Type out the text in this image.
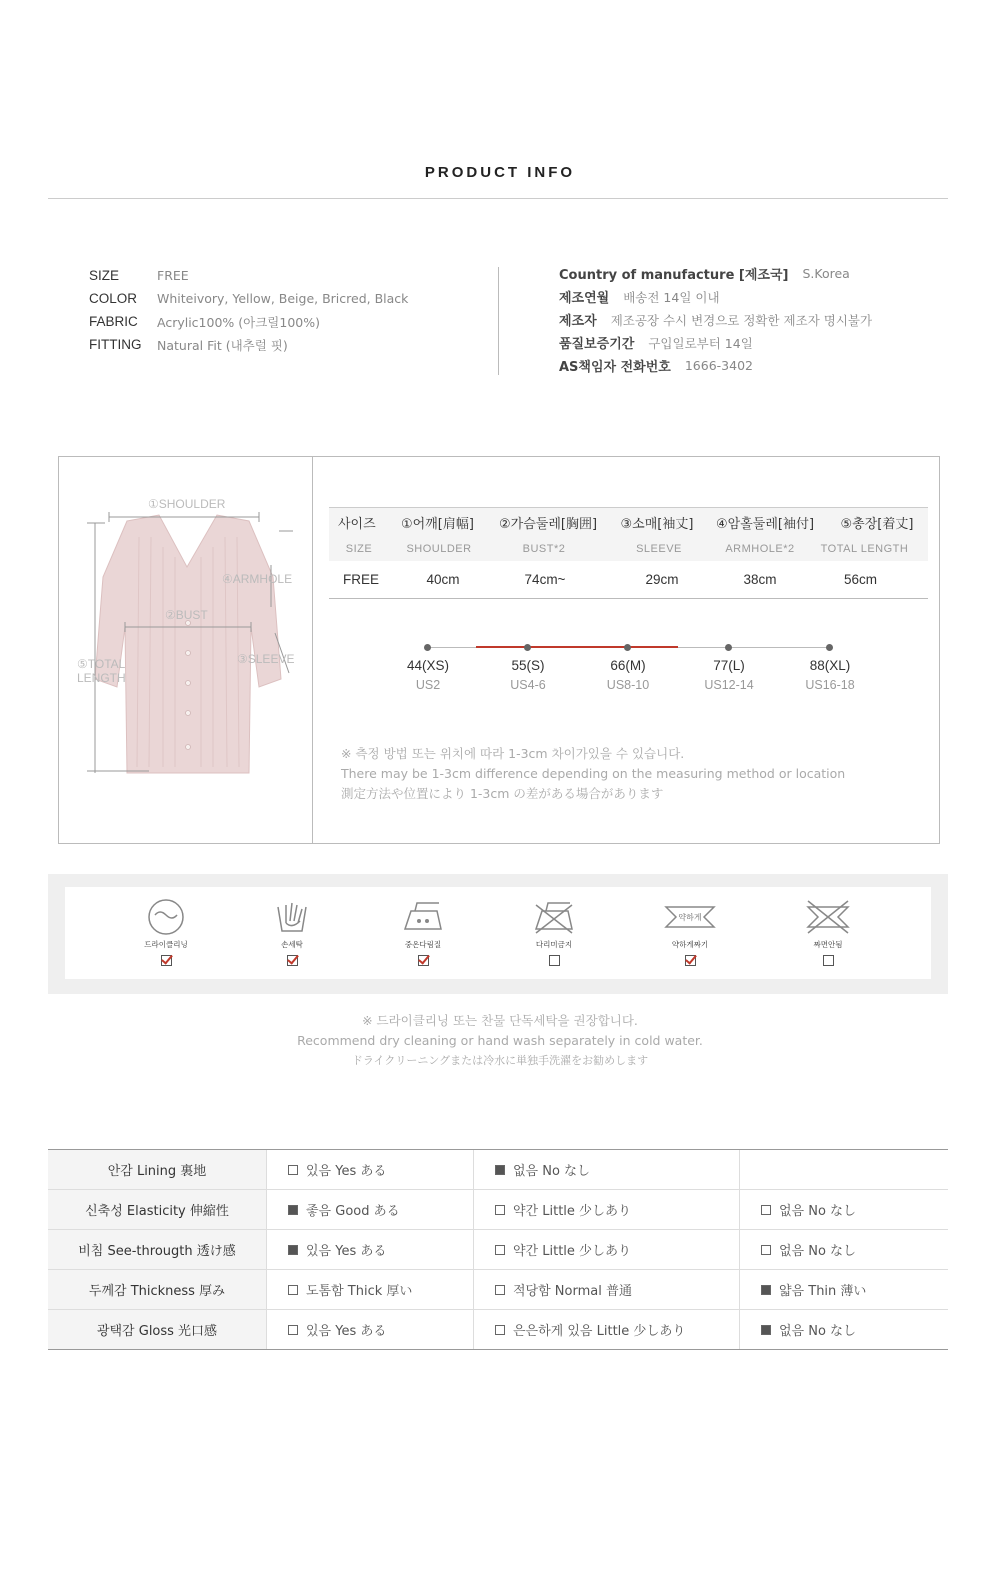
PRODUCT INFO
SIZE	FREE
COLOR	Whiteivory, Yellow, Beige, Bricred, Black
FABRIC	Acrylic100% (아크릴100%)
FITTING	Natural Fit (내추럴 핏)
Country of manufacture [제조국] S.Korea
제조연월 배송전 14일 이내
제조자 제조공장 수시 변경으로 정확한 제조자 명시불가
품질보증기간 구입일로부터 14일
AS책임자 전화번호 1666-3402
①SHOULDER
④ARMHOLE
②BUST
③SLEEVE
⑤TOTAL
LENGTH
사이즈	①어깨[肩幅]	②가슴둘레[胸囲]	③소매[袖丈]	④암홀둘레[袖付]	⑤총장[着丈]
SIZE	SHOULDER	BUST*2	SLEEVE	ARMHOLE*2	TOTAL LENGTH
FREE	40cm	74cm~	29cm	38cm	56cm
44(XS)	55(S)	66(M)	77(L)	88(XL)
US2	US4-6	US8-10	US12-14	US16-18
※ 측정 방법 또는 위치에 따라 1-3cm 차이가있을 수 있습니다.
There may be 1-3cm difference depending on the measuring method or location
測定方法や位置により 1-3cm の差がある場合があります
드라이클리닝	손세탁	중온다림질	다리미금지
약하게
약하게짜기	짜면안됨
※ 드라이클리닝 또는 찬물 단독세탁을 권장합니다.
Recommend dry cleaning or hand wash separately in cold water.
ドライクリーニングまたは冷水に単独手洗濯をお勧めします
안감 Lining 裏地	있음 Yes ある	없음 No なし
신축성 Elasticity 伸縮性	좋음 Good ある	약간 Little 少しあり	없음 No なし
비침 See-througth 透け感	있음 Yes ある	약간 Little 少しあり	없음 No なし
두께감 Thickness 厚み	도톰함 Thick 厚い	적당함 Normal 普通	얇음 Thin 薄い
광택감 Gloss 光口感	있음 Yes ある	은은하게 있음 Little 少しあり	없음 No なし
